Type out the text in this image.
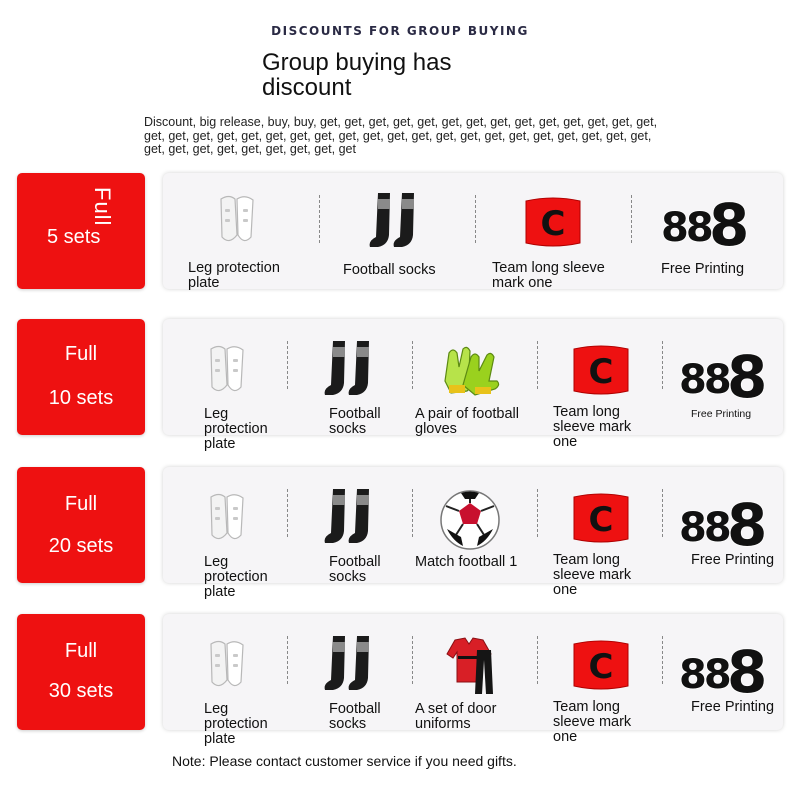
DISCOUNTS FOR GROUP BUYING
Group buying has discount
Discount, big release, buy, buy, get, get, get, get, get, get, get, get, get, get, get, get, get, get, get, get, get, get, get, get, get, get, get, get, get, get, get, get, get, get, get, get, get, get, get, get, get, get, get, get, get, get, get, get
Full
5 sets
Leg protection plate
Football socks
C
Team long sleeve mark one
88
8
Free Printing
Full
10 sets
Leg protection plate
Football socks
A pair of football gloves
C
Team long sleeve mark one
88
8
Free Printing
Full
20 sets
Leg protection plate
Football socks
Match football 1
C
Team long sleeve mark one
88
8
Free Printing
Full
30 sets
Leg protection plate
Football socks
A set of door uniforms
C
Team long sleeve mark one
88
8
Free Printing
Note: Please contact customer service if you need gifts.
